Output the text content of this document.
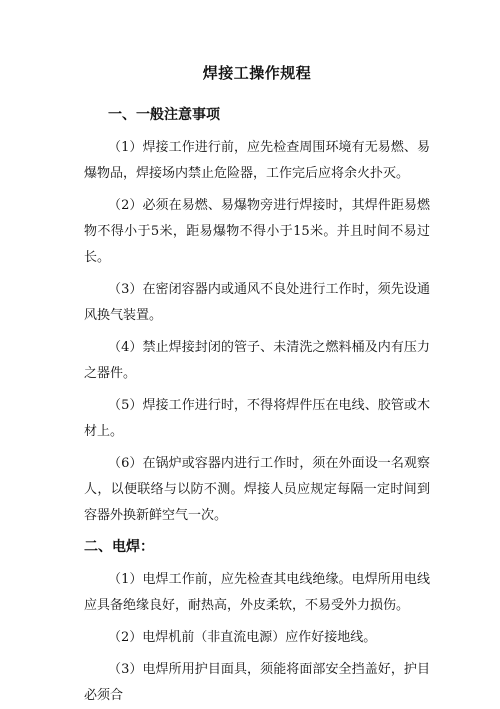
焊接工操作规程
一、一般注意事项

（1）焊接工作进行前，应先检查周围环境有无易燃、易爆物品，焊接场内禁止危险器，工作完后应将余火扑灭。

（2）必须在易燃、易爆物旁进行焊接时，其焊件距易燃物不得小于5米，距易爆物不得小于15米。并且时间不易过长。

（3）在密闭容器内或通风不良处进行工作时，须先设通风换气装置。

（4）禁止焊接封闭的管子、未清洗之燃料桶及内有压力之器件。

（5）焊接工作进行时，不得将焊件压在电线、胶管或木材上。

（6）在锅炉或容器内进行工作时，须在外面设一名观察人，以便联络与以防不测。焊接人员应规定每隔一定时间到容器外换新鲜空气一次。

二、电焊：

（1）电焊工作前，应先检查其电线绝缘。电焊所用电线应具备绝缘良好，耐热高，外皮柔软，不易受外力损伤。

（2）电焊机前（非直流电源）应作好接地线。

（3）电焊所用护目面具，须能将面部安全挡盖好，护目必须合
